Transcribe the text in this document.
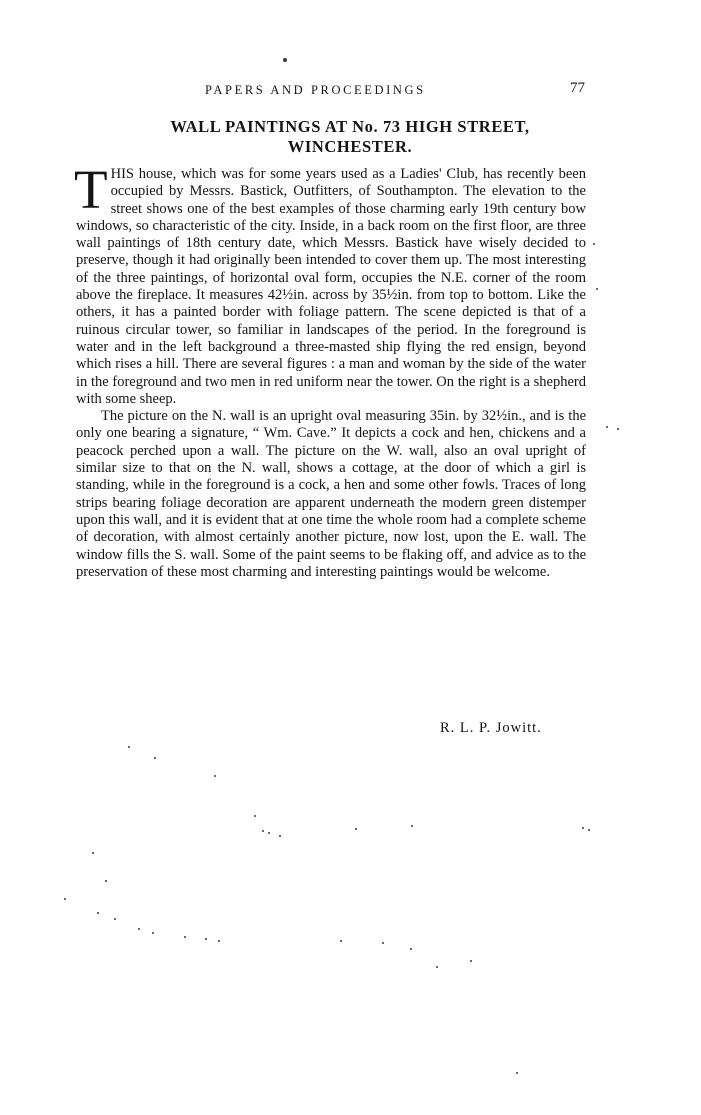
PAPERS AND PROCEEDINGS	77
WALL PAINTINGS AT No. 73 HIGH STREET,
WINCHESTER.

THIS house, which was for some years used as a Ladies' Club, has recently been occupied by Messrs. Bastick, Outfitters, of Southampton. The elevation to the street shows one of the best examples of those charming early 19th century bow windows, so characteristic of the city. Inside, in a back room on the first floor, are three wall paintings of 18th century date, which Messrs. Bastick have wisely decided to preserve, though it had originally been intended to cover them up. The most interesting of the three paintings, of horizontal oval form, occupies the N.E. corner of the room above the fireplace. It measures 42½in. across by 35½in. from top to bottom. Like the others, it has a painted border with foliage pattern. The scene depicted is that of a ruinous circular tower, so familiar in landscapes of the period. In the foreground is water and in the left background a three-masted ship flying the red ensign, beyond which rises a hill. There are several figures : a man and woman by the side of the water in the foreground and two men in red uniform near the tower. On the right is a shepherd with some sheep.

The picture on the N. wall is an upright oval measuring 35in. by 32½in., and is the only one bearing a signature, “ Wm. Cave.” It depicts a cock and hen, chickens and a peacock perched upon a wall. The picture on the W. wall, also an oval upright of similar size to that on the N. wall, shows a cottage, at the door of which a girl is standing, while in the foreground is a cock, a hen and some other fowls. Traces of long strips bearing foliage decoration are apparent underneath the modern green distemper upon this wall, and it is evident that at one time the whole room had a complete scheme of decoration, with almost certainly another picture, now lost, upon the E. wall. The window fills the S. wall. Some of the paint seems to be flaking off, and advice as to the preservation of these most charming and interesting paintings would be welcome.

R. L. P. Jowitt.
